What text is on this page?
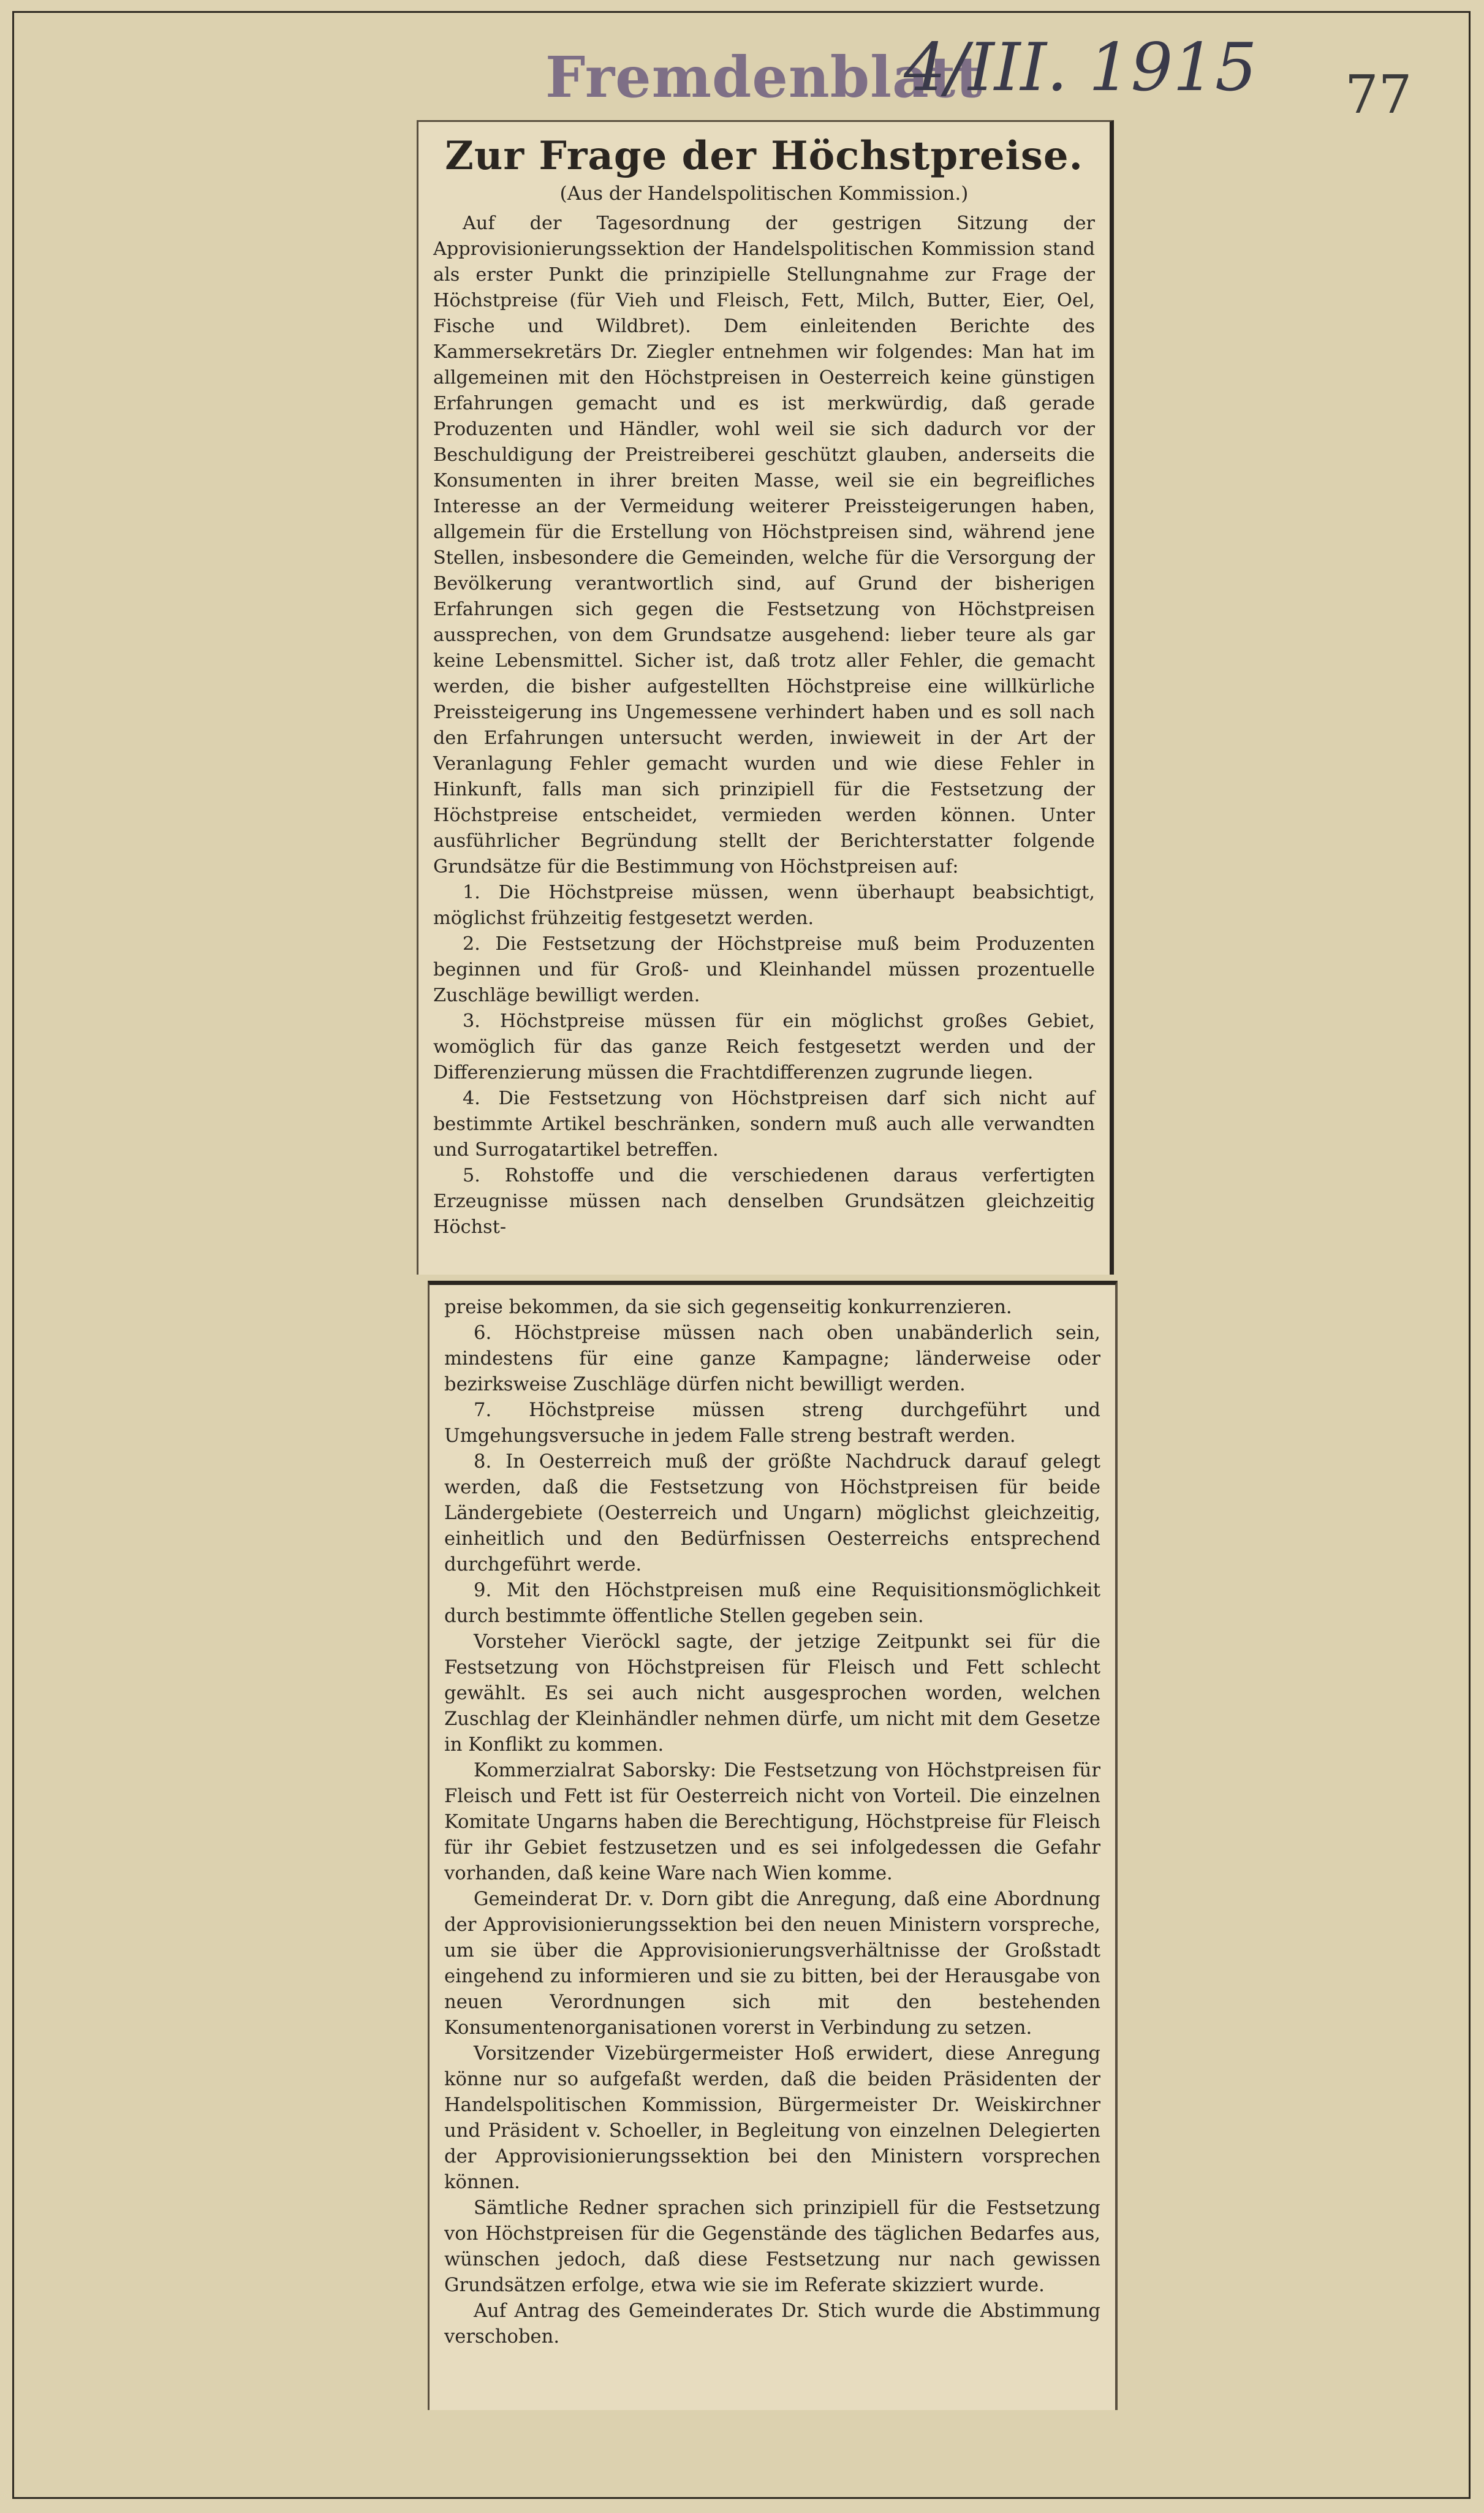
Fremdenblatt
4/III. 1915 77
Zur Frage der Höchstpreise.
(Aus der Handelspolitischen Kommission.)

Auf der Tagesordnung der gestrigen Sitzung der Approvisionierungssektion der Handelspolitischen Kommission stand als erster Punkt die prinzipielle Stellungnahme zur Frage der Höchstpreise (für Vieh und Fleisch, Fett, Milch, Butter, Eier, Oel, Fische und Wildbret). Dem einleitenden Berichte des Kammersekretärs Dr. Ziegler entnehmen wir folgendes: Man hat im allgemeinen mit den Höchstpreisen in Oesterreich keine günstigen Erfahrungen gemacht und es ist merkwürdig, daß gerade Produzenten und Händler, wohl weil sie sich dadurch vor der Beschuldigung der Preistreiberei geschützt glauben, anderseits die Konsumenten in ihrer breiten Masse, weil sie ein begreifliches Interesse an der Vermeidung weiterer Preissteigerungen haben, allgemein für die Erstellung von Höchstpreisen sind, während jene Stellen, insbesondere die Gemeinden, welche für die Versorgung der Bevölkerung verantwortlich sind, auf Grund der bisherigen Erfahrungen sich gegen die Festsetzung von Höchstpreisen aussprechen, von dem Grundsatze ausgehend: lieber teure als gar keine Lebensmittel. Sicher ist, daß trotz aller Fehler, die gemacht werden, die bisher aufgestellten Höchstpreise eine willkürliche Preissteigerung ins Ungemessene verhindert haben und es soll nach den Erfahrungen untersucht werden, inwieweit in der Art der Veranlagung Fehler gemacht wurden und wie diese Fehler in Hinkunft, falls man sich prinzipiell für die Festsetzung der Höchstpreise entscheidet, vermieden werden können. Unter ausführlicher Begründung stellt der Berichterstatter folgende Grundsätze für die Bestimmung von Höchstpreisen auf:

1. Die Höchstpreise müssen, wenn überhaupt beabsichtigt, möglichst frühzeitig festgesetzt werden.

2. Die Festsetzung der Höchstpreise muß beim Produzenten beginnen und für Groß- und Kleinhandel müssen prozentuelle Zuschläge bewilligt werden.

3. Höchstpreise müssen für ein möglichst großes Gebiet, womöglich für das ganze Reich festgesetzt werden und der Differenzierung müssen die Frachtdifferenzen zugrunde liegen.

4. Die Festsetzung von Höchstpreisen darf sich nicht auf bestimmte Artikel beschränken, sondern muß auch alle verwandten und Surrogatartikel betreffen.

5. Rohstoffe und die verschiedenen daraus verfertigten Erzeugnisse müssen nach denselben Grundsätzen gleichzeitig Höchst-

preise bekommen, da sie sich gegenseitig konkurrenzieren.

6. Höchstpreise müssen nach oben unabänderlich sein, mindestens für eine ganze Kampagne; länderweise oder bezirksweise Zuschläge dürfen nicht bewilligt werden.

7. Höchstpreise müssen streng durchgeführt und Umgehungsversuche in jedem Falle streng bestraft werden.

8. In Oesterreich muß der größte Nachdruck darauf gelegt werden, daß die Festsetzung von Höchstpreisen für beide Ländergebiete (Oesterreich und Ungarn) möglichst gleichzeitig, einheitlich und den Bedürfnissen Oesterreichs entsprechend durchgeführt werde.

9. Mit den Höchstpreisen muß eine Requisitionsmöglichkeit durch bestimmte öffentliche Stellen gegeben sein.

Vorsteher Vieröckl sagte, der jetzige Zeitpunkt sei für die Festsetzung von Höchstpreisen für Fleisch und Fett schlecht gewählt. Es sei auch nicht ausgesprochen worden, welchen Zuschlag der Kleinhändler nehmen dürfe, um nicht mit dem Gesetze in Konflikt zu kommen.

Kommerzialrat Saborsky: Die Festsetzung von Höchstpreisen für Fleisch und Fett ist für Oesterreich nicht von Vorteil. Die einzelnen Komitate Ungarns haben die Berechtigung, Höchstpreise für Fleisch für ihr Gebiet festzusetzen und es sei infolgedessen die Gefahr vorhanden, daß keine Ware nach Wien komme.

Gemeinderat Dr. v. Dorn gibt die Anregung, daß eine Abordnung der Approvisionierungssektion bei den neuen Ministern vorspreche, um sie über die Approvisionierungsverhältnisse der Großstadt eingehend zu informieren und sie zu bitten, bei der Herausgabe von neuen Verordnungen sich mit den bestehenden Konsumentenorganisationen vorerst in Verbindung zu setzen.

Vorsitzender Vizebürgermeister Hoß erwidert, diese Anregung könne nur so aufgefaßt werden, daß die beiden Präsidenten der Handelspolitischen Kommission, Bürgermeister Dr. Weiskirchner und Präsident v. Schoeller, in Begleitung von einzelnen Delegierten der Approvisionierungssektion bei den Ministern vorsprechen können.

Sämtliche Redner sprachen sich prinzipiell für die Festsetzung von Höchstpreisen für die Gegenstände des täglichen Bedarfes aus, wünschen jedoch, daß diese Festsetzung nur nach gewissen Grundsätzen erfolge, etwa wie sie im Referate skizziert wurde.

Auf Antrag des Gemeinderates Dr. Stich wurde die Abstimmung verschoben.
